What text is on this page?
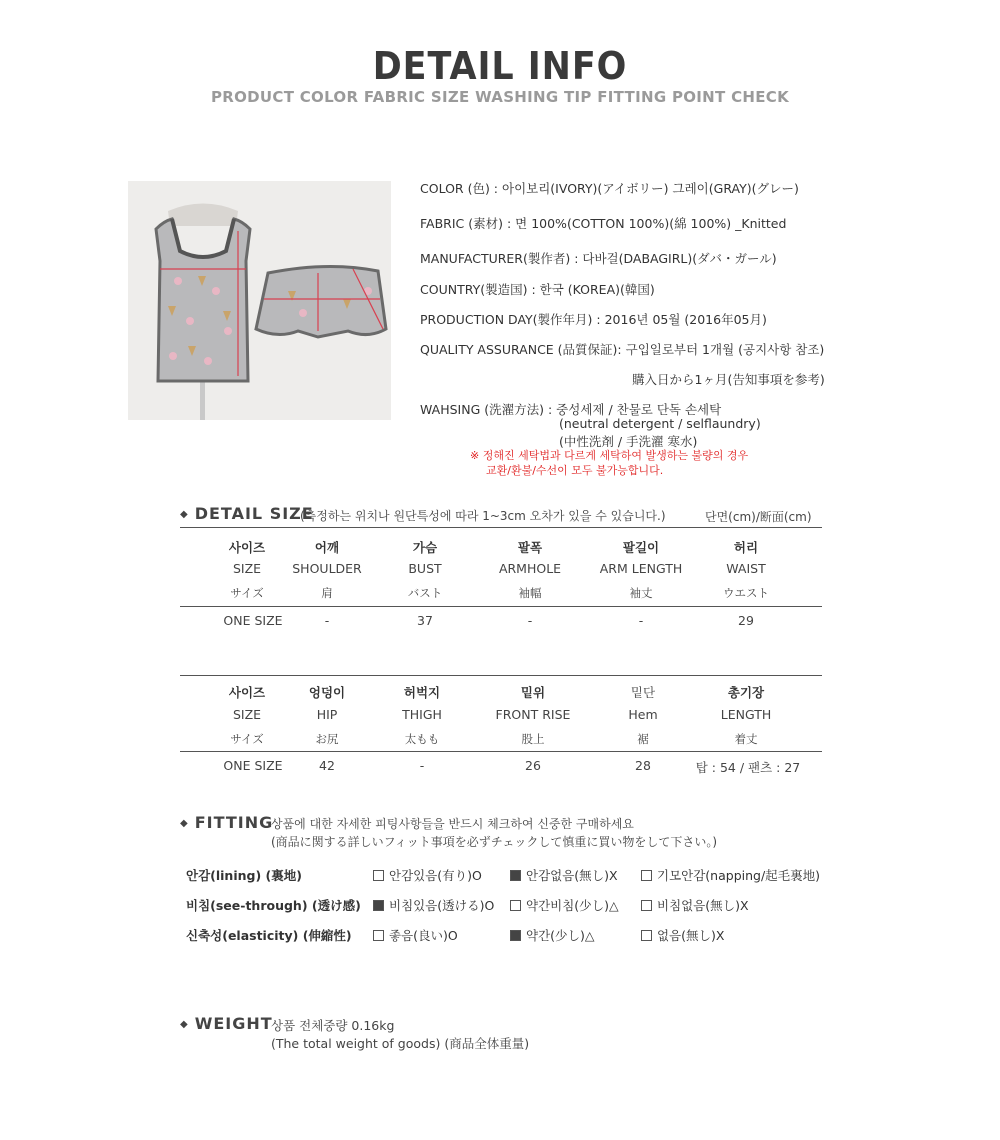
DETAIL INFO
PRODUCT COLOR FABRIC SIZE WASHING TIP FITTING POINT CHECK
COLOR (色) : 아이보리(IVORY)(アイボリー) 그레이(GRAY)(グレー)
FABRIC (素材) : 면 100%(COTTON 100%)(綿 100%) _Knitted
MANUFACTURER(製作者) : 다바걸(DABAGIRL)(ダバ・ガール)
COUNTRY(製造国) : 한국 (KOREA)(韓国)
PRODUCTION DAY(製作年月) : 2016년 05월 (2016年05月)
QUALITY ASSURANCE (品質保証): 구입일로부터 1개월 (공지사항 참조)
購入日から1ヶ月(告知事項を参考)
WAHSING (洗濯方法) : 중성세제 / 찬물로 단독 손세탁
(neutral detergent / selflaundry)
(中性洗剤 / 手洗濯 寒水)
※ 정해진 세탁법과 다르게 세탁하여 발생하는 불량의 경우
교환/환불/수선이 모두 불가능합니다.
◆ DETAIL SIZE
(측정하는 위치나 원단특성에 따라 1~3cm 오차가 있을 수 있습니다.)	단면(cm)/断面(cm)
사이즈	어깨	가슴	팔폭	팔길이	허리
SIZE	SHOULDER	BUST	ARMHOLE	ARM LENGTH	WAIST
サイズ	肩	バスト	袖幅	袖丈	ウエスト
ONE SIZE	-	37	-	-	29
사이즈	엉덩이	허벅지	밑위	밑단	총기장
SIZE	HIP	THIGH	FRONT RISE	Hem	LENGTH
サイズ	お尻	太もも	股上	裾	着丈
ONE SIZE	42	-	26	28	탑 : 54 / 팬츠 : 27
◆ FITTING
상품에 대한 자세한 피팅사항들을 반드시 체크하여 신중한 구매하세요
(商品に関する詳しいフィット事項を必ずチェックして慎重に買い物をして下さい。)
안감(lining) (裏地)	안감있음(有り)O	안감없음(無し)X	기모안감(napping/起毛裏地)
비침(see-through) (透け感)	비침있음(透ける)O	약간비침(少し)△	비침없음(無し)X
신축성(elasticity) (伸縮性)	좋음(良い)O	약간(少し)△	없음(無し)X
◆ WEIGHT
상품 전체중량 0.16kg
(The total weight of goods) (商品全体重量)
